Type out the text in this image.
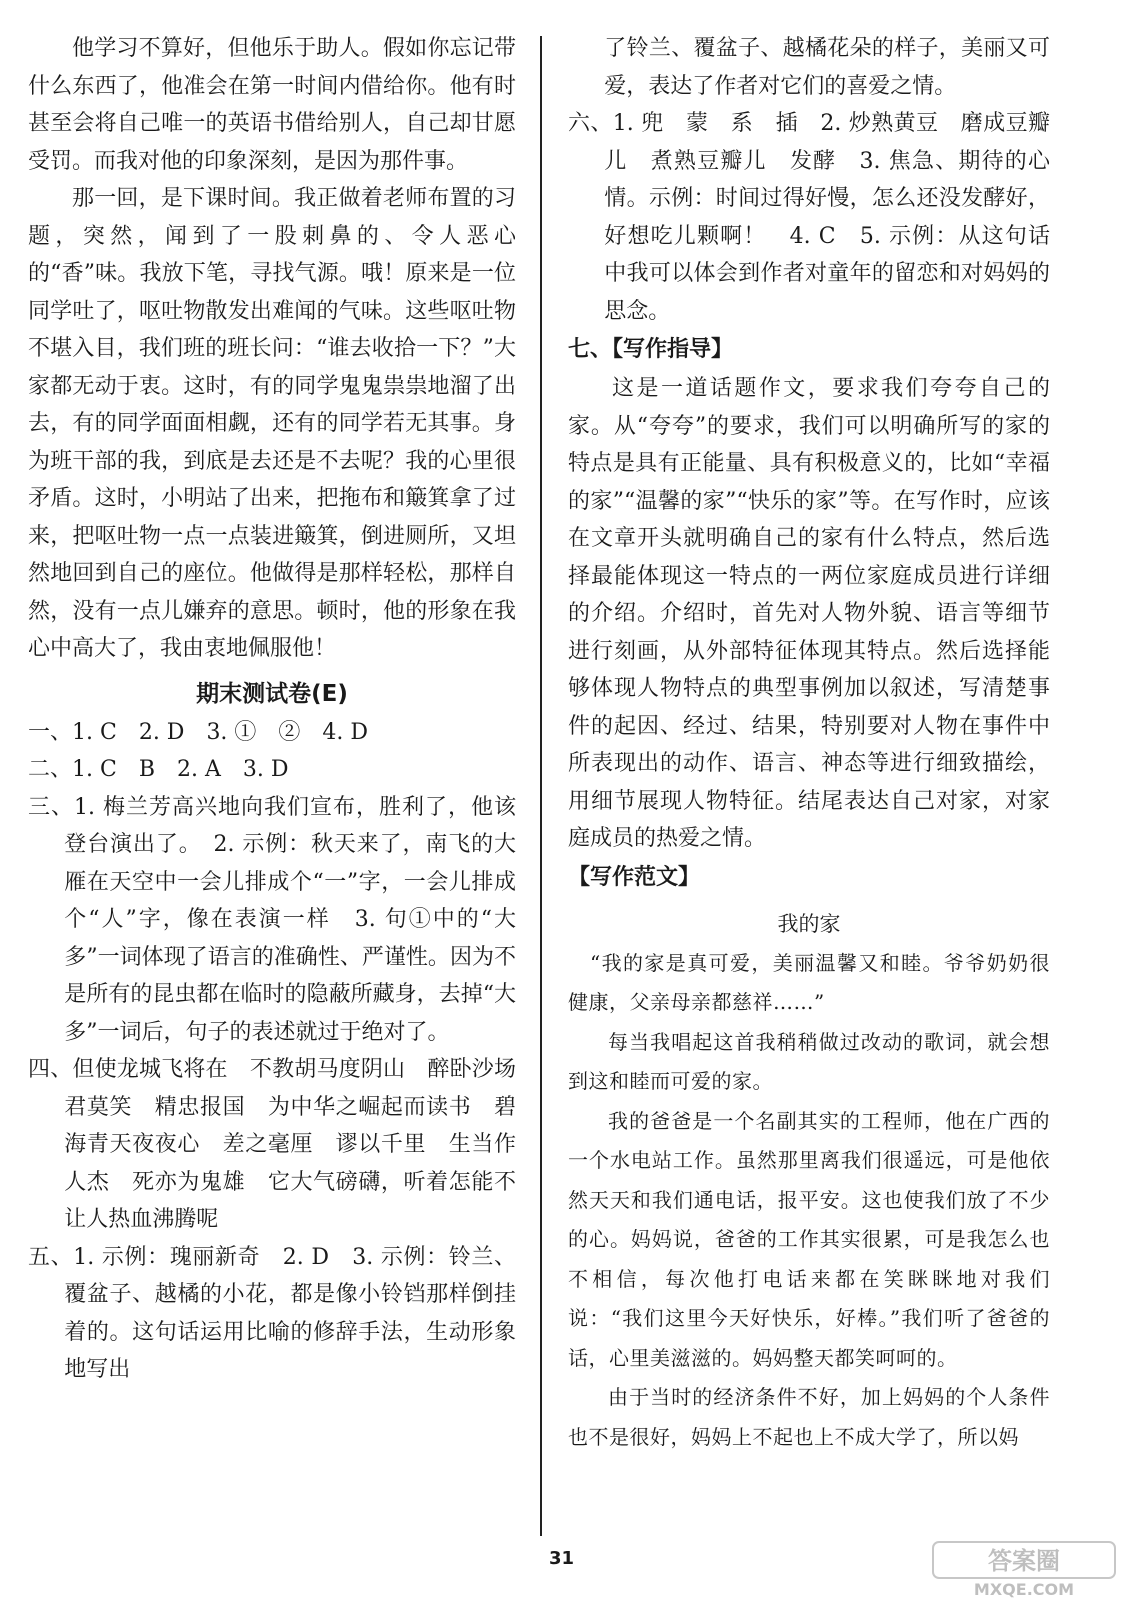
他学习不算好，但他乐于助人。假如你忘记带什么东西了，他准会在第一时间内借给你。他有时甚至会将自己唯一的英语书借给别人，自己却甘愿受罚。而我对他的印象深刻，是因为那件事。

那一回，是下课时间。我正做着老师布置的习题，突然，闻到了一股刺鼻的、令人恶心的“香”味。我放下笔，寻找气源。哦！原来是一位同学吐了，呕吐物散发出难闻的气味。这些呕吐物不堪入目，我们班的班长问：“谁去收拾一下？”大家都无动于衷。这时，有的同学鬼鬼祟祟地溜了出去，有的同学面面相觑，还有的同学若无其事。身为班干部的我，到底是去还是不去呢？我的心里很矛盾。这时，小明站了出来，把拖布和簸箕拿了过来，把呕吐物一点一点装进簸箕，倒进厕所，又坦然地回到自己的座位。他做得是那样轻松，那样自然，没有一点儿嫌弃的意思。顿时，他的形象在我心中高大了，我由衷地佩服他！

期末测试卷(E)

一、1. C　2. D　3. ①　②　4. D

二、1. C　B　2. A　3. D

三、1. 梅兰芳高兴地向我们宣布，胜利了，他该登台演出了。　2. 示例：秋天来了，南飞的大雁在天空中一会儿排成个“一”字，一会儿排成个“人”字，像在表演一样　3. 句①中的“大多”一词体现了语言的准确性、严谨性。因为不是所有的昆虫都在临时的隐蔽所藏身，去掉“大多”一词后，句子的表述就过于绝对了。

四、但使龙城飞将在　不教胡马度阴山　醉卧沙场君莫笑　精忠报国　为中华之崛起而读书　碧海青天夜夜心　差之毫厘　谬以千里　生当作人杰　死亦为鬼雄　它大气磅礴，听着怎能不让人热血沸腾呢

五、1. 示例：瑰丽新奇　2. D　3. 示例：铃兰、覆盆子、越橘的小花，都是像小铃铛那样倒挂着的。这句话运用比喻的修辞手法，生动形象地写出

了铃兰、覆盆子、越橘花朵的样子，美丽又可爱，表达了作者对它们的喜爱之情。

六、1. 兜　蒙　系　插　2. 炒熟黄豆　磨成豆瓣儿　煮熟豆瓣儿　发酵　3. 焦急、期待的心情。示例：时间过得好慢，怎么还没发酵好，好想吃儿颗啊！　4. C　5. 示例：从这句话中我可以体会到作者对童年的留恋和对妈妈的思念。

七、【写作指导】

这是一道话题作文，要求我们夸夸自己的家。从“夸夸”的要求，我们可以明确所写的家的特点是具有正能量、具有积极意义的，比如“幸福的家”“温馨的家”“快乐的家”等。在写作时，应该在文章开头就明确自己的家有什么特点，然后选择最能体现这一特点的一两位家庭成员进行详细的介绍。介绍时，首先对人物外貌、语言等细节进行刻画，从外部特征体现其特点。然后选择能够体现人物特点的典型事例加以叙述，写清楚事件的起因、经过、结果，特别要对人物在事件中所表现出的动作、语言、神态等进行细致描绘，用细节展现人物特征。结尾表达自己对家，对家庭成员的热爱之情。

【写作范文】

我的家

“我的家是真可爱，美丽温馨又和睦。爷爷奶奶很健康，父亲母亲都慈祥……”

每当我唱起这首我稍稍做过改动的歌词，就会想到这和睦而可爱的家。

我的爸爸是一个名副其实的工程师，他在广西的一个水电站工作。虽然那里离我们很遥远，可是他依然天天和我们通电话，报平安。这也使我们放了不少的心。妈妈说，爸爸的工作其实很累，可是我怎么也不相信，每次他打电话来都在笑眯眯地对我们说：“我们这里今天好快乐，好棒。”我们听了爸爸的话，心里美滋滋的。妈妈整天都笑呵呵的。

由于当时的经济条件不好，加上妈妈的个人条件也不是很好，妈妈上不起也上不成大学了，所以妈

31	答案圈
MXQE.COM
